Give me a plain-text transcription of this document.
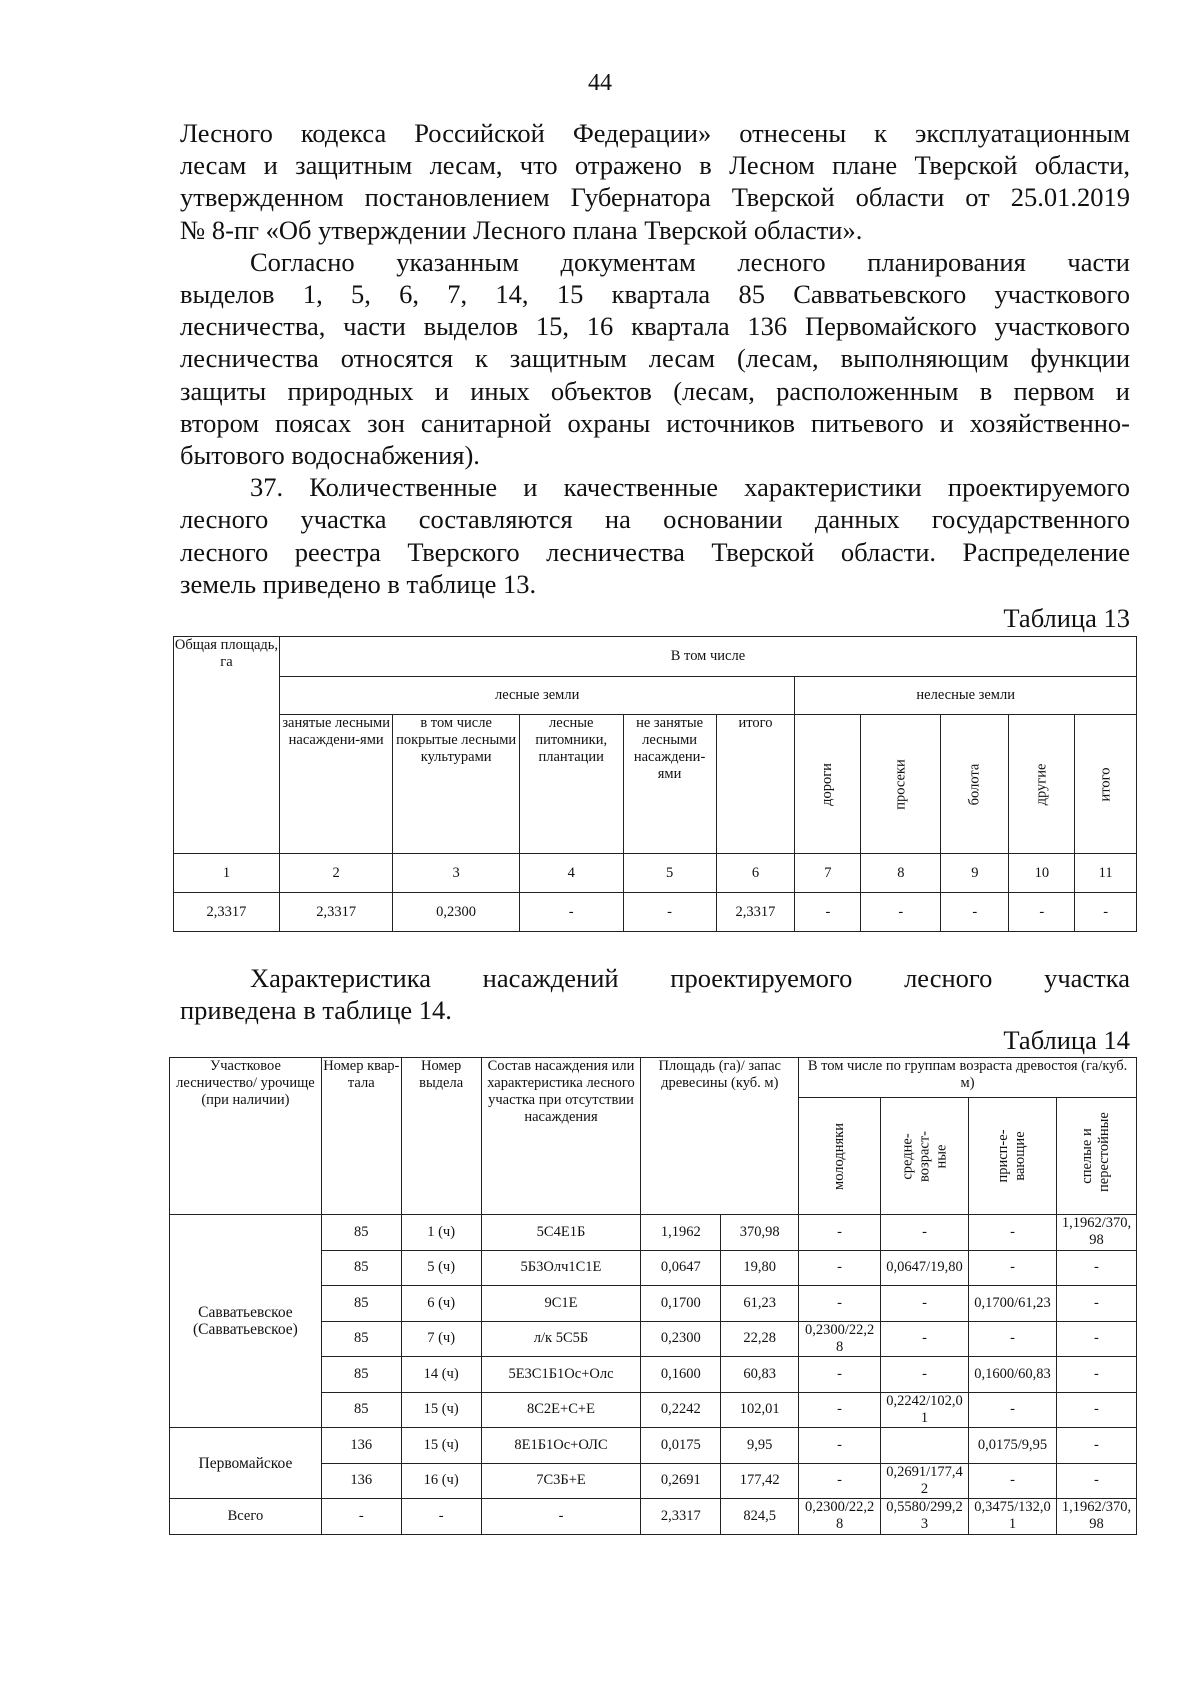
44

Лесного кодекса Российской Федерации» отнесены к эксплуатационным

лесам и защитным лесам, что отражено в Лесном плане Тверской области,

утвержденном постановлением Губернатора Тверской области от 25.01.2019

№ 8-пг «Об утверждении Лесного плана Тверской области».

Согласно указанным документам лесного планирования части

выделов 1, 5, 6, 7, 14, 15 квартала 85 Савватьевского участкового

лесничества, части выделов 15, 16 квартала 136 Первомайского участкового

лесничества относятся к защитным лесам (лесам, выполняющим функции

защиты природных и иных объектов (лесам, расположенным в первом и

втором поясах зон санитарной охраны источников питьевого и хозяйственно-

бытового водоснабжения).

37. Количественные и качественные характеристики проектируемого

лесного участка составляются на основании данных государственного

лесного реестра Тверского лесничества Тверской области. Распределение

земель приведено в таблице 13.

Таблица 13
Общая площадь, га	В том числе									
	лесные земли					нелесные земли				
	занятые лесными насаждени-ями	в том числе покрытые лесными культурами	лесные питомники, плантации	не занятые лесными насаждени-ями	итого	дороги	просеки	болота	другие	итого
1	2	3	4	5	6	7	8	9	10	11
2,3317	2,3317	0,2300	-	-	2,3317	-	-	-	-	-

Характеристика насаждений проектируемого лесного участка

приведена в таблице 14.

Таблица 14
Участковое лесничество/ урочище (при наличии)	Номер квар-тала	Номер выдела	Состав насаждения или характеристика лесного участка при отсутствии насаждения	Площадь (га)/ запас древесины (куб. м)		В том числе по группам возраста древостоя (га/куб. м)			
						молодняки	средне-возраст-ные	присп-е-вающие	спелые и перестойные
Савватьевское (Савватьевское)	85	1 (ч)	5С4Е1Б	1,1962	370,98	-	-	-	1,1962/370,98
	85	5 (ч)	5Б3Олч1С1Е	0,0647	19,80	-	0,0647/19,80	-	-
	85	6 (ч)	9С1Е	0,1700	61,23	-	-	0,1700/61,23	-
	85	7 (ч)	л/к 5С5Б	0,2300	22,28	0,2300/22,28	-	-	-
	85	14 (ч)	5Е3С1Б1Ос+Олс	0,1600	60,83	-	-	0,1600/60,83	-
	85	15 (ч)	8С2Е+С+Е	0,2242	102,01	-	0,2242/102,01	-	-
Первомайское	136	15 (ч)	8Е1Б1Ос+ОЛС	0,0175	9,95	-		0,0175/9,95	-
	136	16 (ч)	7С3Б+Е	0,2691	177,42	-	0,2691/177,42	-	-
Всего	-	-	-	2,3317	824,5	0,2300/22,28	0,5580/299,23	0,3475/132,01	1,1962/370,98
